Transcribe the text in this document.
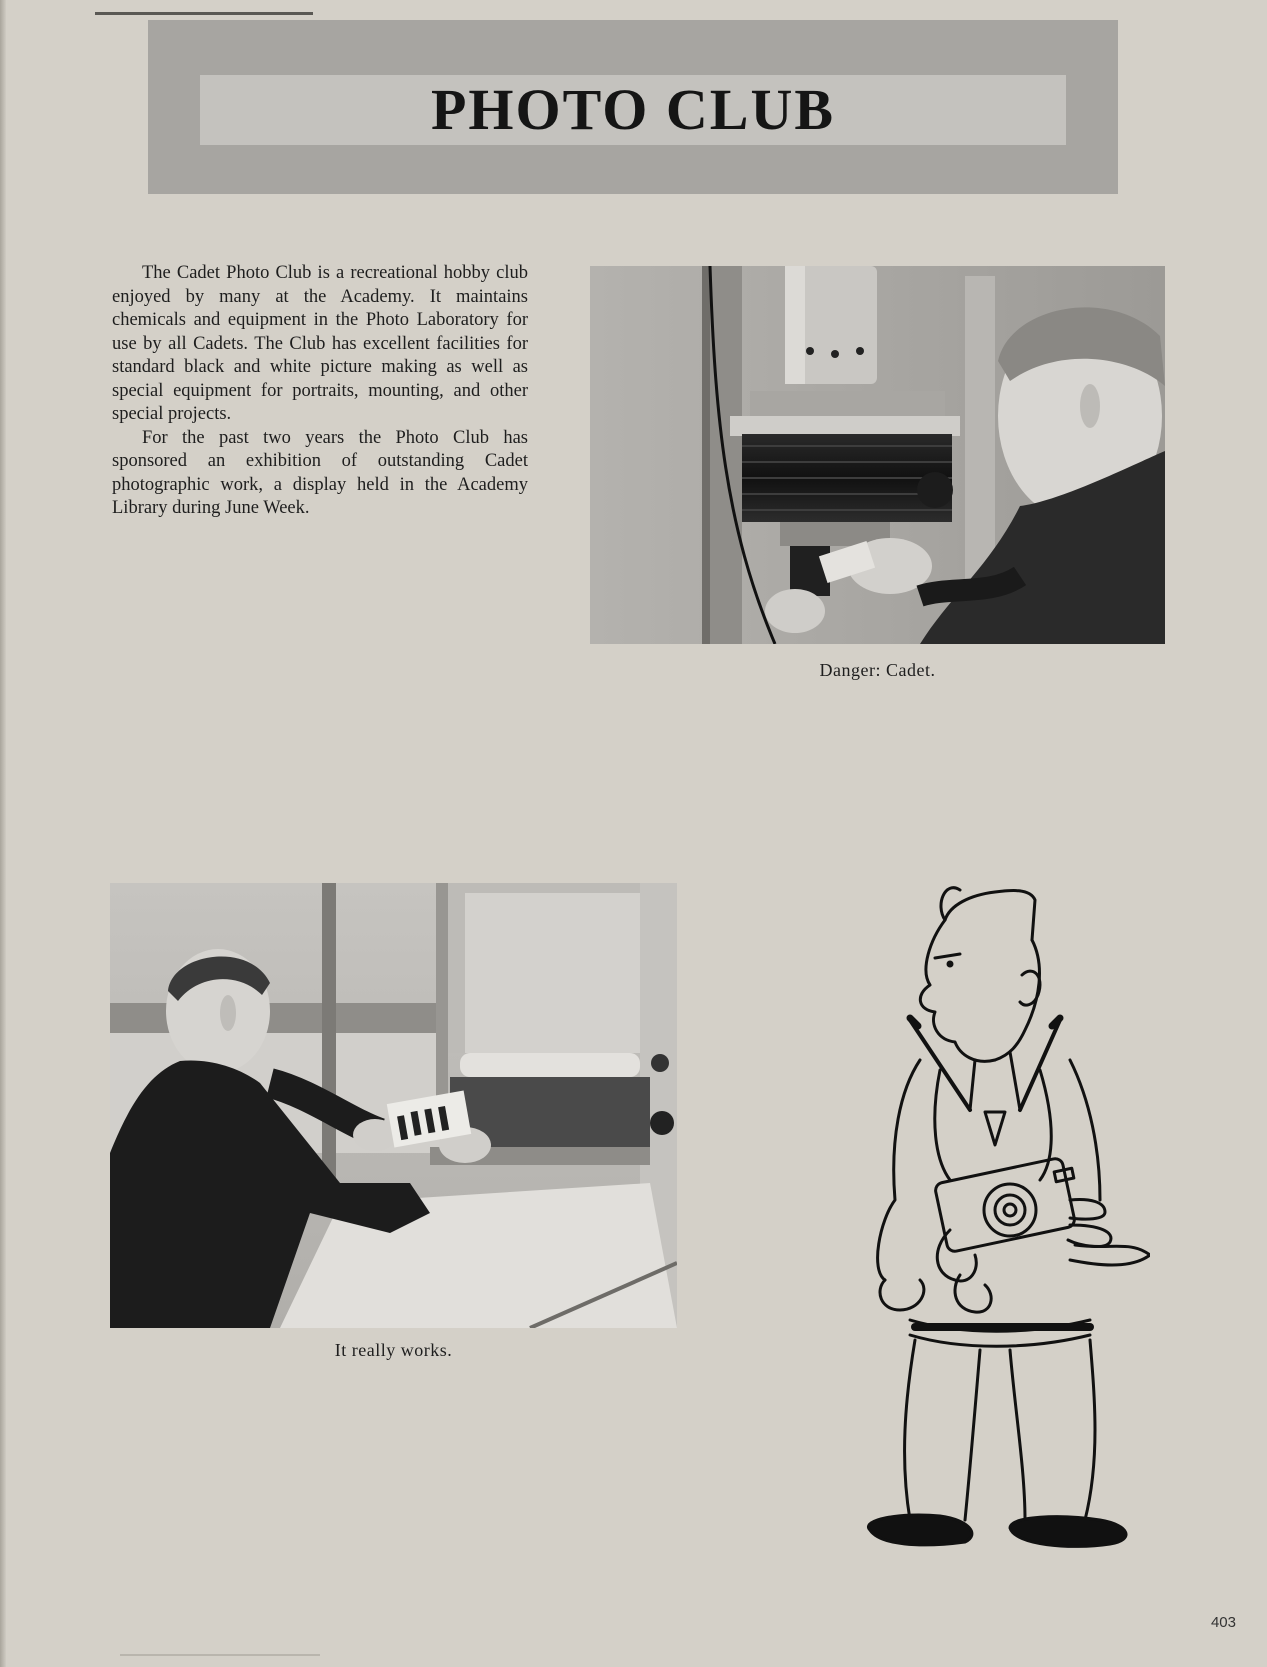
PHOTO CLUB

The Cadet Photo Club is a recreational hobby club enjoyed by many at the Academy. It maintains chemicals and equipment in the Photo Laboratory for use by all Cadets. The Club has excellent facilities for standard black and white picture making as well as special equipment for portraits, mounting, and other special projects.

For the past two years the Photo Club has sponsored an exhibition of outstanding Cadet photographic work, a display held in the Academy Library during June Week.

Danger: Cadet.
It really works.
403
